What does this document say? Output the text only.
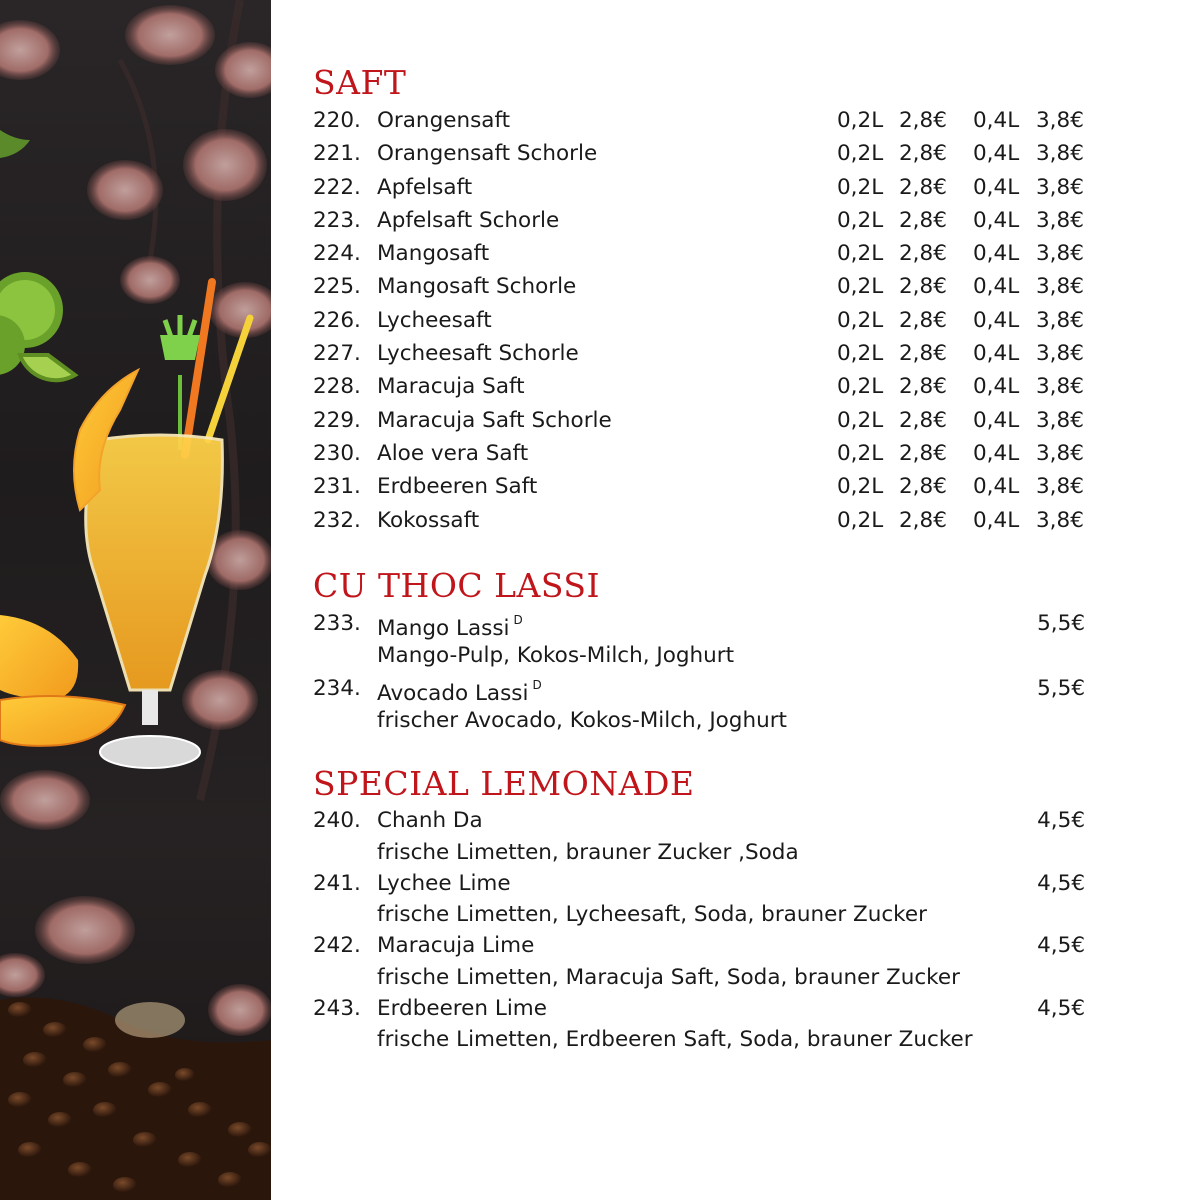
SAFT
220. Orangensaft	0,2L 2,8€ 0,4L 3,8€
221. Orangensaft Schorle	0,2L 2,8€ 0,4L 3,8€
222. Apfelsaft	0,2L 2,8€ 0,4L 3,8€
223. Apfelsaft Schorle	0,2L 2,8€ 0,4L 3,8€
224. Mangosaft	0,2L 2,8€ 0,4L 3,8€
225. Mangosaft Schorle	0,2L 2,8€ 0,4L 3,8€
226. Lycheesaft	0,2L 2,8€ 0,4L 3,8€
227. Lycheesaft Schorle	0,2L 2,8€ 0,4L 3,8€
228. Maracuja Saft	0,2L 2,8€ 0,4L 3,8€
229. Maracuja Saft Schorle	0,2L 2,8€ 0,4L 3,8€
230. Aloe vera Saft	0,2L 2,8€ 0,4L 3,8€
231. Erdbeeren Saft	0,2L 2,8€ 0,4L 3,8€
232. Kokossaft	0,2L 2,8€ 0,4L 3,8€
CU THOC LASSI
233. Mango Lassi $^D$	5,5€
Mango-Pulp, Kokos-Milch, Joghurt
234. Avocado Lassi $^D$	5,5€
frischer Avocado, Kokos-Milch, Joghurt
SPECIAL LEMONADE
240. Chanh Da	4,5€
frische Limetten, brauner Zucker ,Soda
241. Lychee Lime	4,5€
frische Limetten, Lycheesaft, Soda, brauner Zucker
242. Maracuja Lime	4,5€
frische Limetten, Maracuja Saft, Soda, brauner Zucker
243. Erdbeeren Lime	4,5€
frische Limetten, Erdbeeren Saft, Soda, brauner Zucker
